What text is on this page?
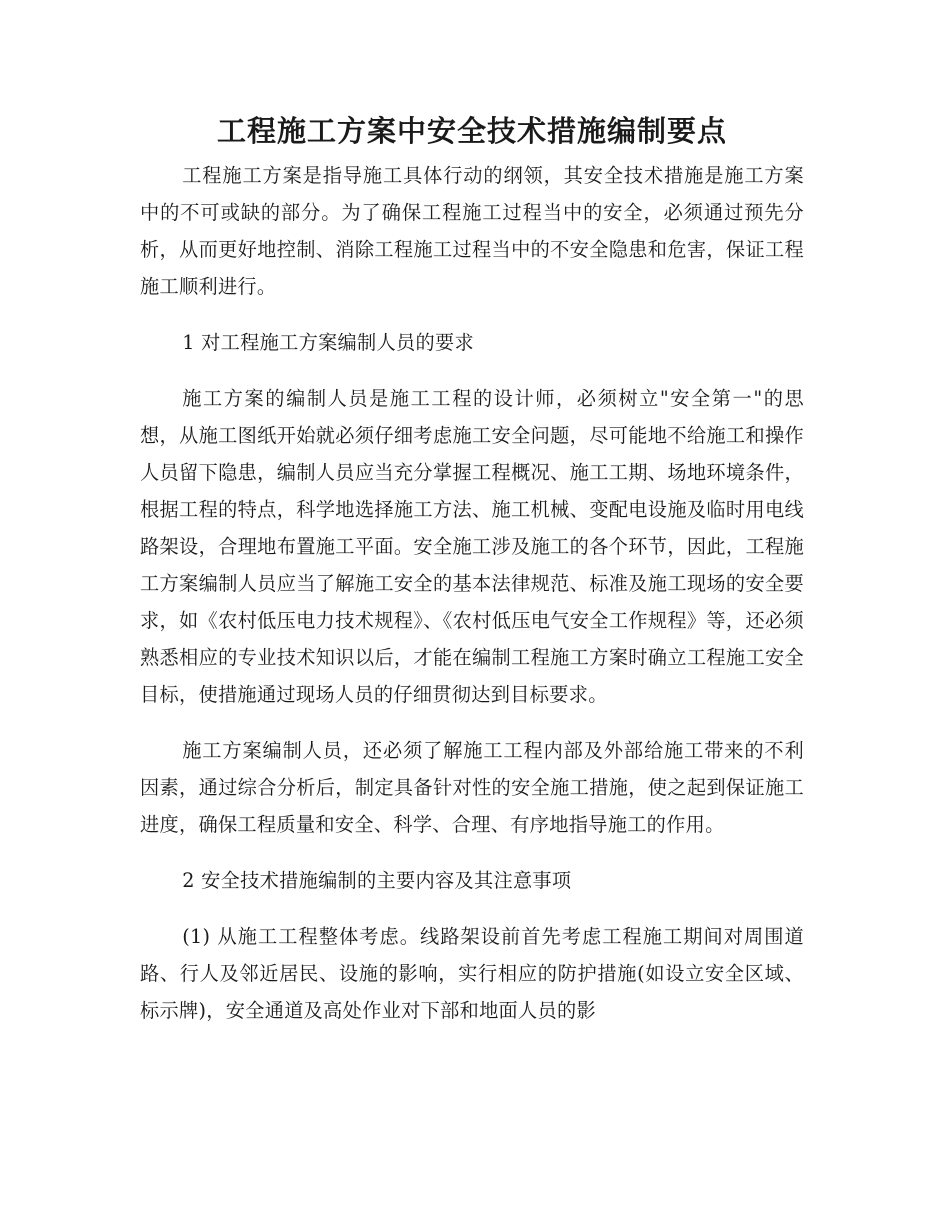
工程施工方案中安全技术措施编制要点

工程施工方案是指导施工具体行动的纲领，其安全技术措施是施工方案中的不可或缺的部分。为了确保工程施工过程当中的安全，必须通过预先分析，从而更好地控制、消除工程施工过程当中的不安全隐患和危害，保证工程施工顺利进行。

1 对工程施工方案编制人员的要求

施工方案的编制人员是施工工程的设计师，必须树立"安全第一"的思想，从施工图纸开始就必须仔细考虑施工安全问题，尽可能地不给施工和操作人员留下隐患，编制人员应当充分掌握工程概况、施工工期、场地环境条件，根据工程的特点，科学地选择施工方法、施工机械、变配电设施及临时用电线路架设，合理地布置施工平面。安全施工涉及施工的各个环节，因此，工程施工方案编制人员应当了解施工安全的基本法律规范、标准及施工现场的安全要求，如《农村低压电力技术规程》、《农村低压电气安全工作规程》等，还必须熟悉相应的专业技术知识以后，才能在编制工程施工方案时确立工程施工安全目标，使措施通过现场人员的仔细贯彻达到目标要求。

施工方案编制人员，还必须了解施工工程内部及外部给施工带来的不利因素，通过综合分析后，制定具备针对性的安全施工措施，使之起到保证施工进度，确保工程质量和安全、科学、合理、有序地指导施工的作用。

2 安全技术措施编制的主要内容及其注意事项

(1) 从施工工程整体考虑。线路架设前首先考虑工程施工期间对周围道路、行人及邻近居民、设施的影响，实行相应的防护措施(如设立安全区域、标示牌)，安全通道及高处作业对下部和地面人员的影
